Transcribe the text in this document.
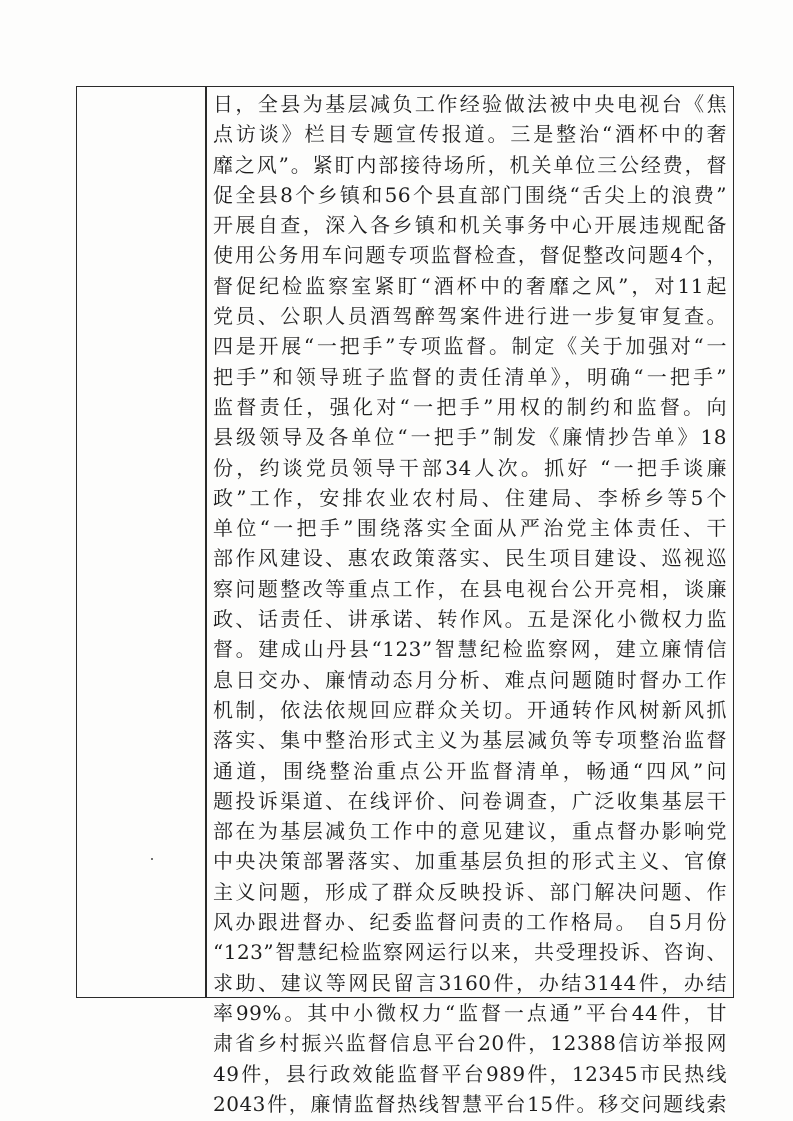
日，全县为基层减负工作经验做法被中央电视台《焦
点访谈》栏目专题宣传报道。三是整治“酒杯中的奢
靡之风”。紧盯内部接待场所，机关单位三公经费，督
促全县8个乡镇和56个县直部门围绕“舌尖上的浪费”
开展自查，深入各乡镇和机关事务中心开展违规配备
使用公务用车问题专项监督检查，督促整改问题4个，
督促纪检监察室紧盯“酒杯中的奢靡之风”，对11起
党员、公职人员酒驾醉驾案件进行进一步复审复查。
四是开展“一把手”专项监督。制定《关于加强对“一
把手”和领导班子监督的责任清单》，明确“一把手”
监督责任，强化对“一把手”用权的制约和监督。向
县级领导及各单位“一把手”制发《廉情抄告单》18
份，约谈党员领导干部34人次。抓好 “一把手谈廉
政”工作，安排农业农村局、住建局、李桥乡等5个
单位“一把手”围绕落实全面从严治党主体责任、干
部作风建设、惠农政策落实、民生项目建设、巡视巡
察问题整改等重点工作，在县电视台公开亮相，谈廉
政、话责任、讲承诺、转作风。五是深化小微权力监
督。建成山丹县“123”智慧纪检监察网，建立廉情信
息日交办、廉情动态月分析、难点问题随时督办工作
机制，依法依规回应群众关切。开通转作风树新风抓
落实、集中整治形式主义为基层减负等专项整治监督
通道，围绕整治重点公开监督清单，畅通“四风”问
题投诉渠道、在线评价、问卷调查，广泛收集基层干
部在为基层减负工作中的意见建议，重点督办影响党
中央决策部署落实、加重基层负担的形式主义、官僚
主义问题，形成了群众反映投诉、部门解决问题、作
风办跟进督办、纪委监督问责的工作格局。 自5月份
“123”智慧纪检监察网运行以来，共受理投诉、咨询、
求助、建议等网民留言3160件，办结3144件，办结
率99%。其中小微权力“监督一点通”平台44件，甘
肃省乡村振兴监督信息平台20件，12388信访举报网
49件，县行政效能监督平台989件，12345市民热线
2043件，廉情监督热线智慧平台15件。移交问题线索
